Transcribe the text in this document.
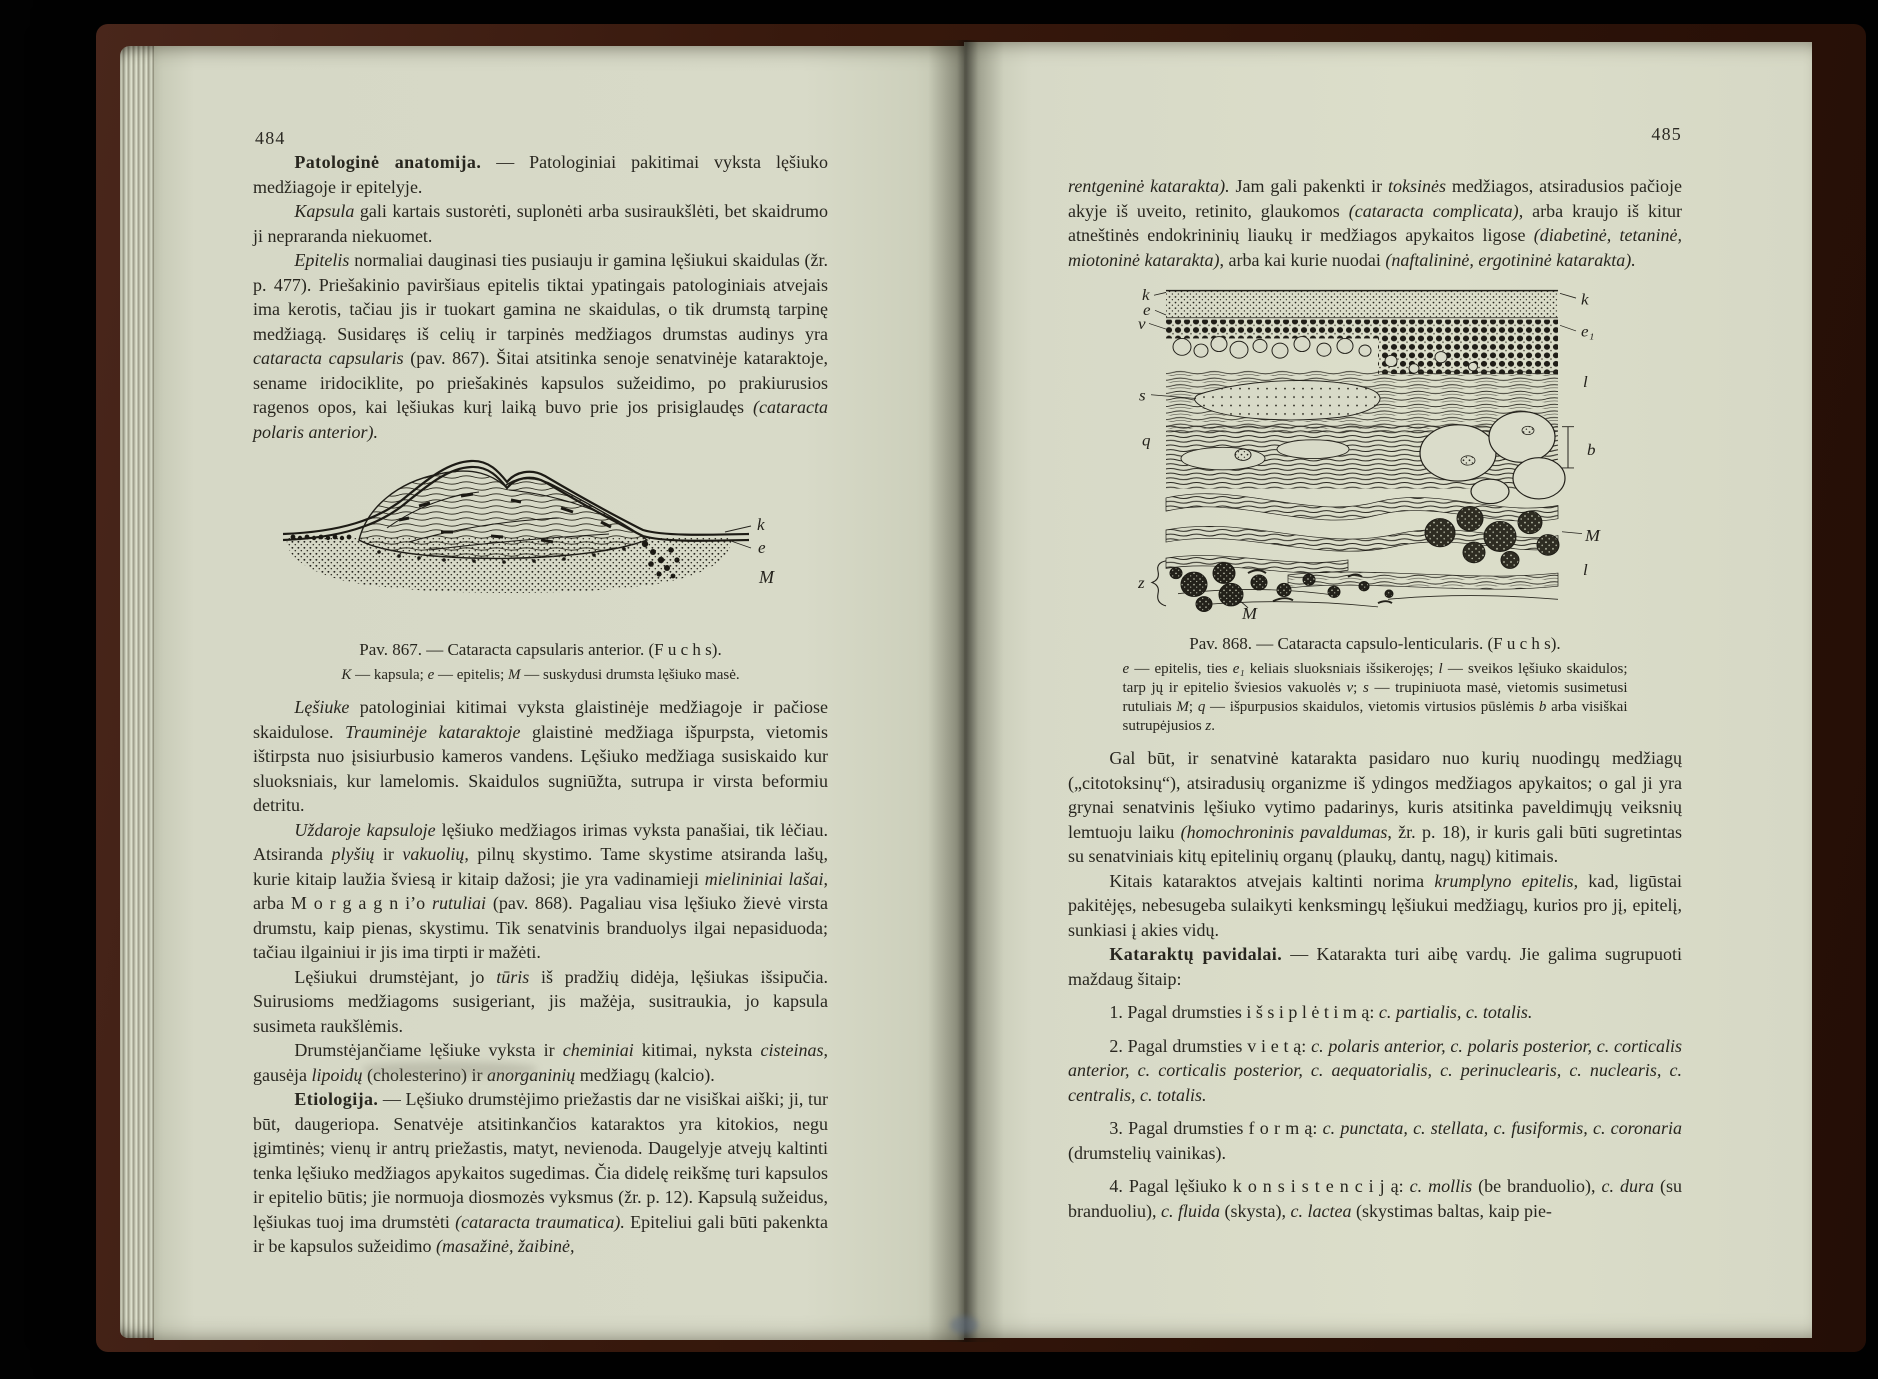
484	485

Patologinė anatomija. — Patologiniai pakitimai vyksta lęšiuko medžiagoje ir epitelyje.

Kapsula gali kartais sustorėti, suplonėti arba susiraukšlėti, bet skaidrumo ji nepraranda niekuomet.

Epitelis normaliai dauginasi ties pusiauju ir gamina lęšiukui skaidulas (žr. p. 477). Priešakinio paviršiaus epitelis tiktai ypatingais patologiniais atvejais ima kerotis, tačiau jis ir tuokart gamina ne skaidulas, o tik drumstą tarpinę medžiagą. Susidaręs iš celių ir tarpinės medžiagos drumstas audinys yra cataracta capsularis (pav. 867). Šitai atsitinka senoje senatvinėje kataraktoje, sename iridociklite, po priešakinės kapsulos sužeidimo, po prakiurusios ragenos opos, kai lęšiukas kurį laiką buvo prie jos prisiglaudęs (cataracta polaris anterior).

k
e
M
Pav. 867. — Cataracta capsularis anterior. (F u c h s).
K — kapsula; e — epitelis; M — suskydusi drumsta lęšiuko masė.

Lęšiuke patologiniai kitimai vyksta glaistinėje medžiagoje ir pačiose skaidulose. Trauminėje kataraktoje glaistinė medžiaga išpurpsta, vietomis ištirpsta nuo įsisiurbusio kameros vandens. Lęšiuko medžiaga susiskaido kur sluoksniais, kur lamelomis. Skaidulos sugniūžta, sutrupa ir virsta beformiu detritu.

Uždaroje kapsuloje lęšiuko medžiagos irimas vyksta panašiai, tik lėčiau. Atsiranda plyšių ir vakuolių, pilnų skystimo. Tame skystime atsiranda lašų, kurie kitaip laužia šviesą ir kitaip dažosi; jie yra vadinamieji mielininiai lašai, arba M o r g a g n i’o rutuliai (pav. 868). Pagaliau visa lęšiuko žievė virsta drumstu, kaip pienas, skystimu. Tik senatvinis branduolys ilgai nepasiduoda; tačiau ilgainiui ir jis ima tirpti ir mažėti.

Lęšiukui drumstėjant, jo tūris iš pradžių didėja, lęšiukas išsipučia. Suirusioms medžiagoms susigeriant, jis mažėja, susitraukia, jo kapsula susimeta raukšlėmis.

Drumstėjančiame lęšiuke vyksta ir cheminiai kitimai, nyksta cisteinas, gausėja lipoidų (cholesterino) ir anorganinių medžiagų (kalcio).

Etiologija. — Lęšiuko drumstėjimo priežastis dar ne visiškai aiški; ji, tur būt, daugeriopa. Senatvėje atsitinkančios kataraktos yra kitokios, negu įgimtinės; vienų ir antrų priežastis, matyt, nevienoda. Daugelyje atvejų kaltinti tenka lęšiuko medžiagos apykaitos sugedimas. Čia didelę reikšmę turi kapsulos ir epitelio būtis; jie normuoja diosmozės vyksmus (žr. p. 12). Kapsulą sužeidus, lęšiukas tuoj ima drumstėti (cataracta traumatica). Epiteliui gali būti pakenkta ir be kapsulos sužeidimo (masažinė, žaibinė,

rentgeninė katarakta). Jam gali pakenkti ir toksinės medžiagos, atsiradusios pačioje akyje iš uveito, retinito, glaukomos (cataracta complicata), arba kraujo iš kitur atneštinės endokrininių liaukų ir medžiagos apykaitos ligose (diabetinė, tetaninė, miotoninė katarakta), arba kai kurie nuodai (naftalininė, ergotininė katarakta).

k
e
v
s
q
z
k
e₁
l
b
M
l
M
Pav. 868. — Cataracta capsulo-lenticularis. (F u c h s).
e — epitelis, ties e₁ keliais sluoksniais išsikerojęs; l — sveikos lęšiuko skaidulos; tarp jų ir epitelio šviesios vakuolės v; s — trupiniuota masė, vietomis susimetusi rutuliais M; q — išpurpusios skaidulos, vietomis virtusios pūslėmis b arba visiškai sutrupėjusios z.

Gal būt, ir senatvinė katarakta pasidaro nuo kurių nuodingų medžiagų („citotoksinų“), atsiradusių organizme iš ydingos medžiagos apykaitos; o gal ji yra grynai senatvinis lęšiuko vytimo padarinys, kuris atsitinka paveldimųjų veiksnių lemtuoju laiku (homochroninis pavaldumas, žr. p. 18), ir kuris gali būti sugretintas su senatviniais kitų epitelinių organų (plaukų, dantų, nagų) kitimais.

Kitais kataraktos atvejais kaltinti norima krumplyno epitelis, kad, ligūstai pakitėjęs, nebesugeba sulaikyti kenksmingų lęšiukui medžiagų, kurios pro jį, epitelį, sunkiasi į akies vidų.

Kataraktų pavidalai. — Katarakta turi aibę vardų. Jie galima sugrupuoti maždaug šitaip:

1. Pagal drumsties i š s i p l ė t i m ą: c. partialis, c. totalis.

2. Pagal drumsties v i e t ą: c. polaris anterior, c. polaris posterior, c. corticalis anterior, c. corticalis posterior, c. aequatorialis, c. perinuclearis, c. nuclearis, c. centralis, c. totalis.

3. Pagal drumsties f o r m ą: c. punctata, c. stellata, c. fusiformis, c. coronaria (drumstelių vainikas).

4. Pagal lęšiuko k o n s i s t e n c i j ą: c. mollis (be branduolio), c. dura (su branduoliu), c. fluida (skysta), c. lactea (skystimas baltas, kaip pie-
